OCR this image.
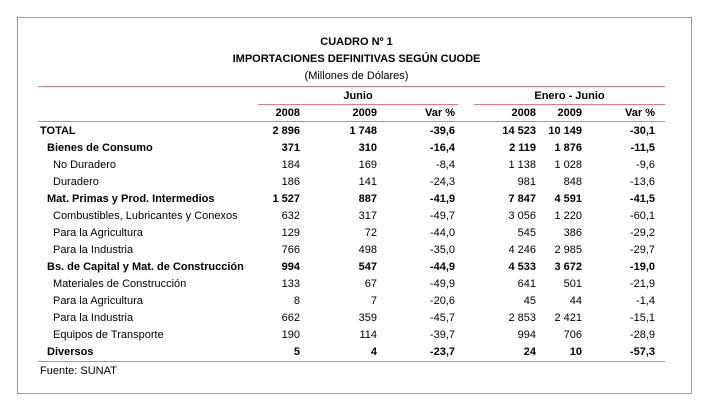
CUADRO Nº 1
IMPORTACIONES DEFINITIVAS SEGÚN CUODE
(Millones de Dólares)
Junio	Enero - Junio
2008	2009	Var %	2008	2009	Var %
TOTAL	2 896	1 748	-39,6	14 523	10 149	-30,1
Bienes de Consumo	371	310	-16,4	2 119	1 876	-11,5
No Duradero	184	169	-8,4	1 138	1 028	-9,6
Duradero	186	141	-24,3	981	848	-13,6
Mat. Primas y Prod. Intermedios	1 527	887	-41,9	7 847	4 591	-41,5
Combustibles, Lubricantes y Conexos	632	317	-49,7	3 056	1 220	-60,1
Para la Agricultura	129	72	-44,0	545	386	-29,2
Para la Industria	766	498	-35,0	4 246	2 985	-29,7
Bs. de Capital y Mat. de Construcción	994	547	-44,9	4 533	3 672	-19,0
Materiales de Construcción	133	67	-49,9	641	501	-21,9
Para la Agricultura	8	7	-20,6	45	44	-1,4
Para la Industria	662	359	-45,7	2 853	2 421	-15,1
Equipos de Transporte	190	114	-39,7	994	706	-28,9
Diversos	5	4	-23,7	24	10	-57,3
Fuente: SUNAT
